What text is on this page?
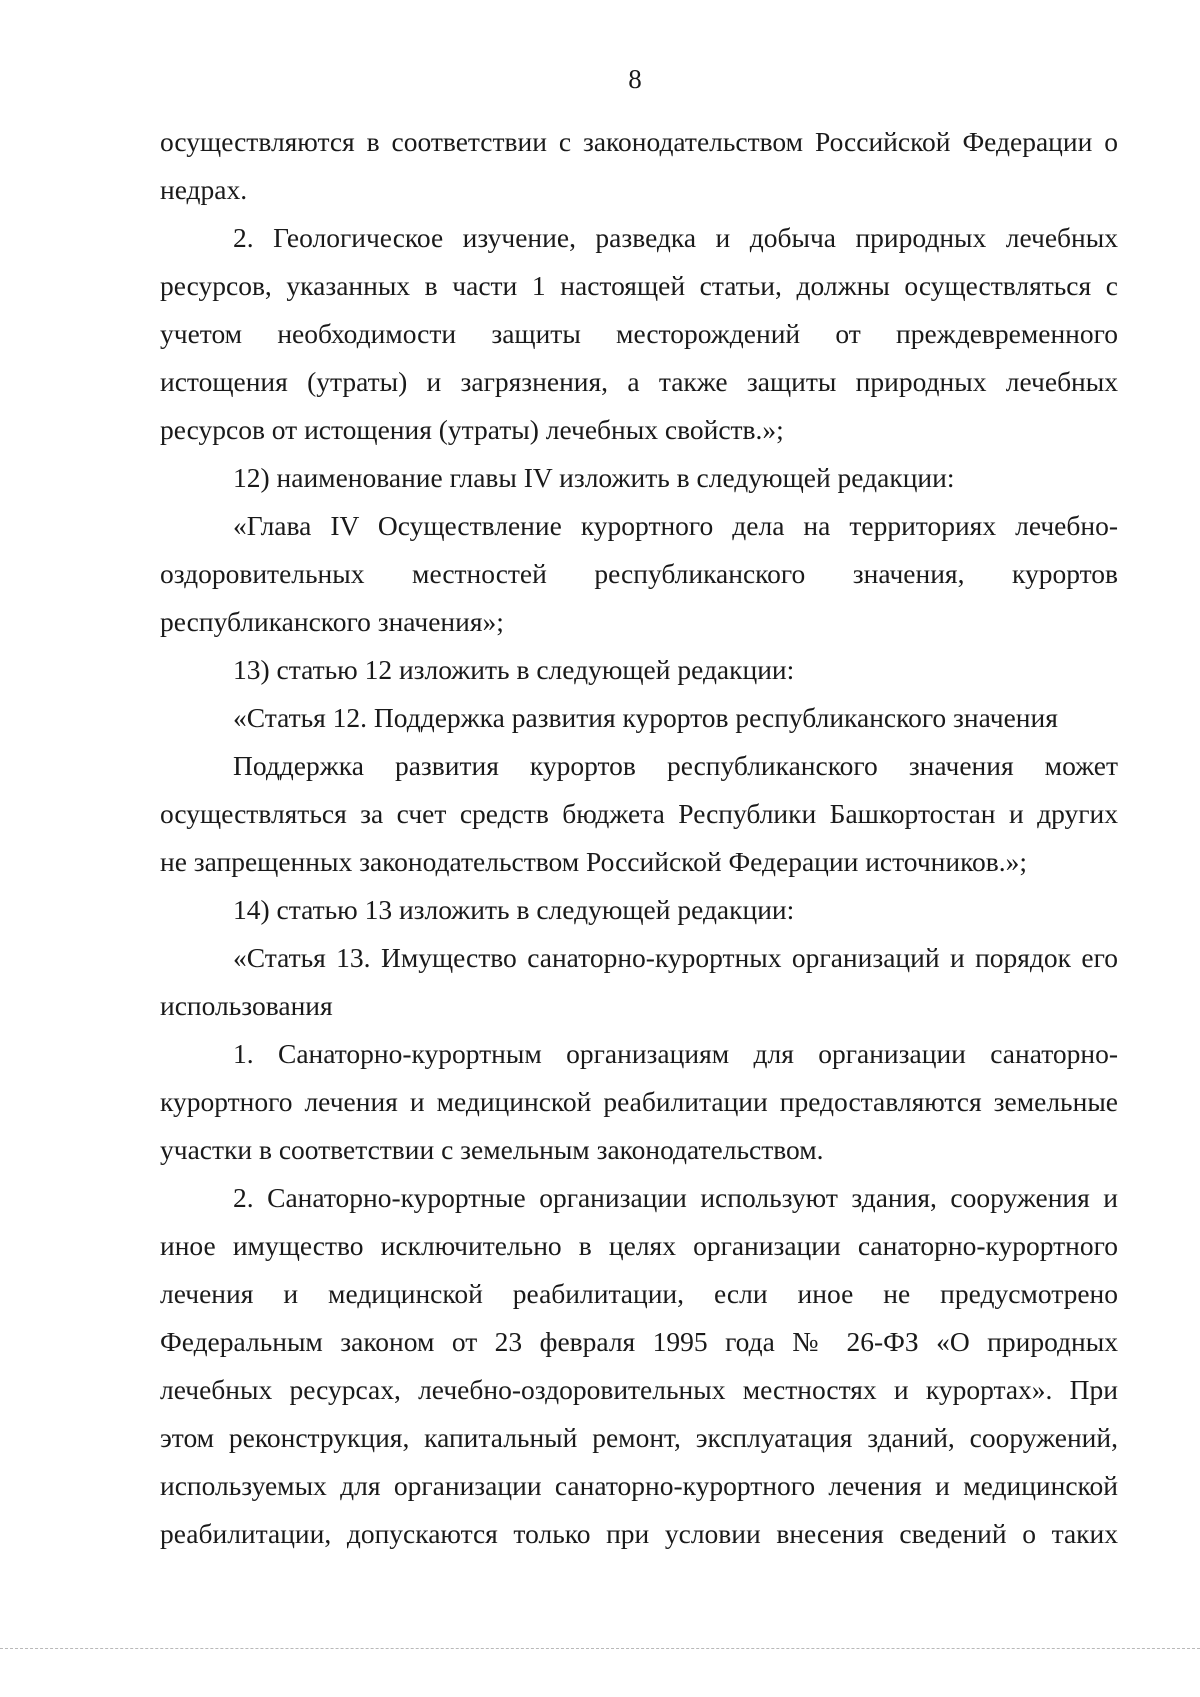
8

осуществляются в соответствии с законодательством Российской Федерации о

недрах.

2. Геологическое изучение, разведка и добыча природных лечебных

ресурсов, указанных в части 1 настоящей статьи, должны осуществляться с

учетом необходимости защиты месторождений от преждевременного

истощения (утраты) и загрязнения, а также защиты природных лечебных

ресурсов от истощения (утраты) лечебных свойств.»;

12) наименование главы IV изложить в следующей редакции:

«Глава IV Осуществление курортного дела на территориях лечебно-

оздоровительных местностей республиканского значения, курортов

республиканского значения»;

13) статью 12 изложить в следующей редакции:

«Статья 12. Поддержка развития курортов республиканского значения

Поддержка развития курортов республиканского значения может

осуществляться за счет средств бюджета Республики Башкортостан и других

не запрещенных законодательством Российской Федерации источников.»;

14) статью 13 изложить в следующей редакции:

«Статья 13. Имущество санаторно-курортных организаций и порядок его

использования

1. Санаторно-курортным организациям для организации санаторно-

курортного лечения и медицинской реабилитации предоставляются земельные

участки в соответствии с земельным законодательством.

2. Санаторно-курортные организации используют здания, сооружения и

иное имущество исключительно в целях организации санаторно-курортного

лечения и медицинской реабилитации, если иное не предусмотрено

Федеральным законом от 23 февраля 1995 года № 26-ФЗ «О природных

лечебных ресурсах, лечебно-оздоровительных местностях и курортах». При

этом реконструкция, капитальный ремонт, эксплуатация зданий, сооружений,

используемых для организации санаторно-курортного лечения и медицинской

реабилитации, допускаются только при условии внесения сведений о таких
